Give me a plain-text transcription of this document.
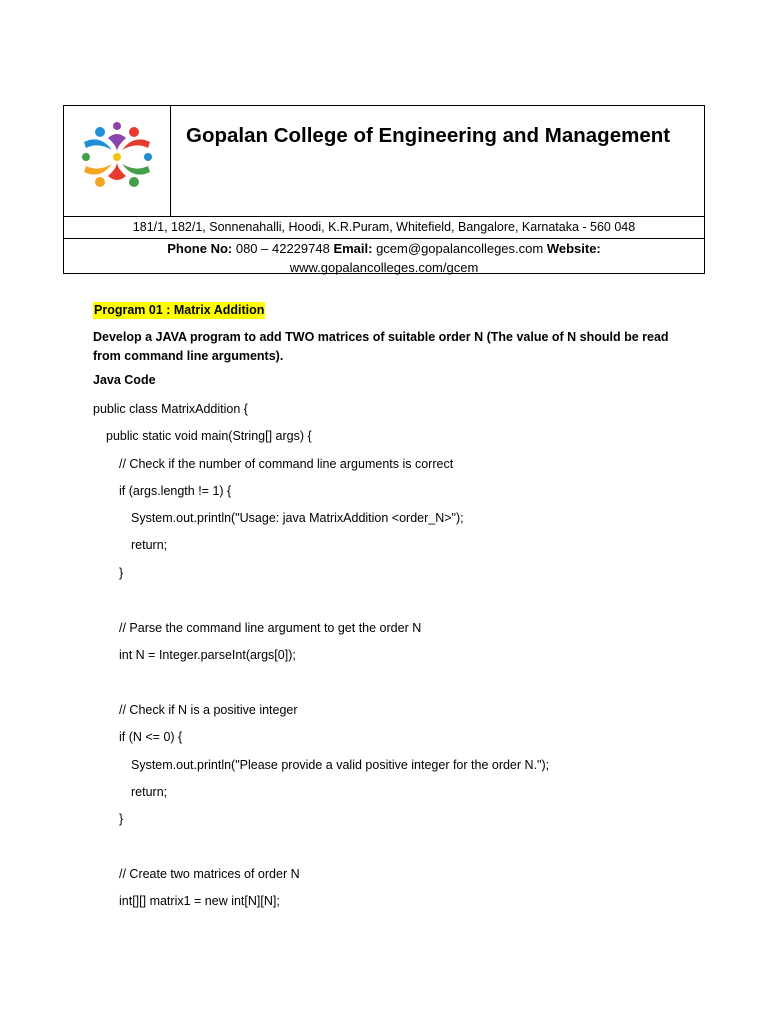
Gopalan College of Engineering and Management
181/1, 182/1, Sonnenahalli, Hoodi, K.R.Puram, Whitefield, Bangalore, Karnataka - 560 048
Phone No: 080 – 42229748 Email: gcem@gopalancolleges.com Website:
www.gopalancolleges.com/gcem
Program 01 : Matrix Addition
Develop a JAVA program to add TWO matrices of suitable order N (The value of N should be read from command line arguments).
Java Code
public class MatrixAddition {
public static void main(String[] args) {
// Check if the number of command line arguments is correct
if (args.length != 1) {
System.out.println("Usage: java MatrixAddition <order_N>");
return;
}
// Parse the command line argument to get the order N
int N = Integer.parseInt(args[0]);
// Check if N is a positive integer
if (N <= 0) {
System.out.println("Please provide a valid positive integer for the order N.");
return;
}
// Create two matrices of order N
int[][] matrix1 = new int[N][N];
